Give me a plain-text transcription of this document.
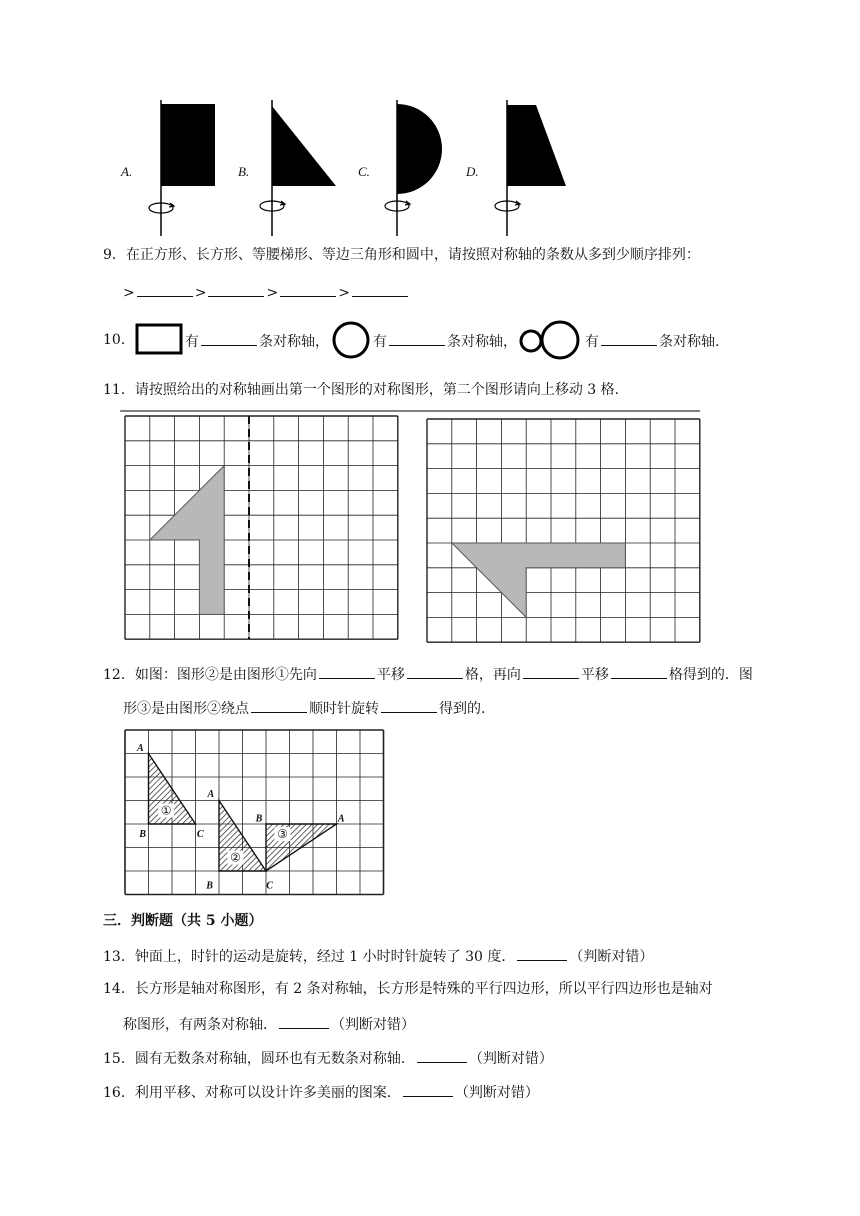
A.	B.	C.	D.
9．在正方形、长方形、等腰梯形、等边三角形和圆中，请按照对称轴的条数从多到少顺序排列：
>	>	>	>
10．	有	条对称轴，	有	条对称轴，	有	条对称轴.
11．请按照给出的对称轴画出第一个图形的对称图形，第二个图形请向上移动 3 格.
12．如图：图形②是由图形①先向	平移	格，再向	平移	格得到的．图
形③是由图形②绕点	顺时针旋转	得到的.
A
B	C
A
B	C
B	A
①
②
③
三．判断题（共 5 小题）
13．钟面上，时针的运动是旋转，经过 1 小时时针旋转了 30 度．	（判断对错）
14．长方形是轴对称图形，有 2 条对称轴，长方形是特殊的平行四边形，所以平行四边形也是轴对
称图形，有两条对称轴．	（判断对错）
15．圆有无数条对称轴，圆环也有无数条对称轴．	（判断对错）
16．利用平移、对称可以设计许多美丽的图案．	（判断对错）
